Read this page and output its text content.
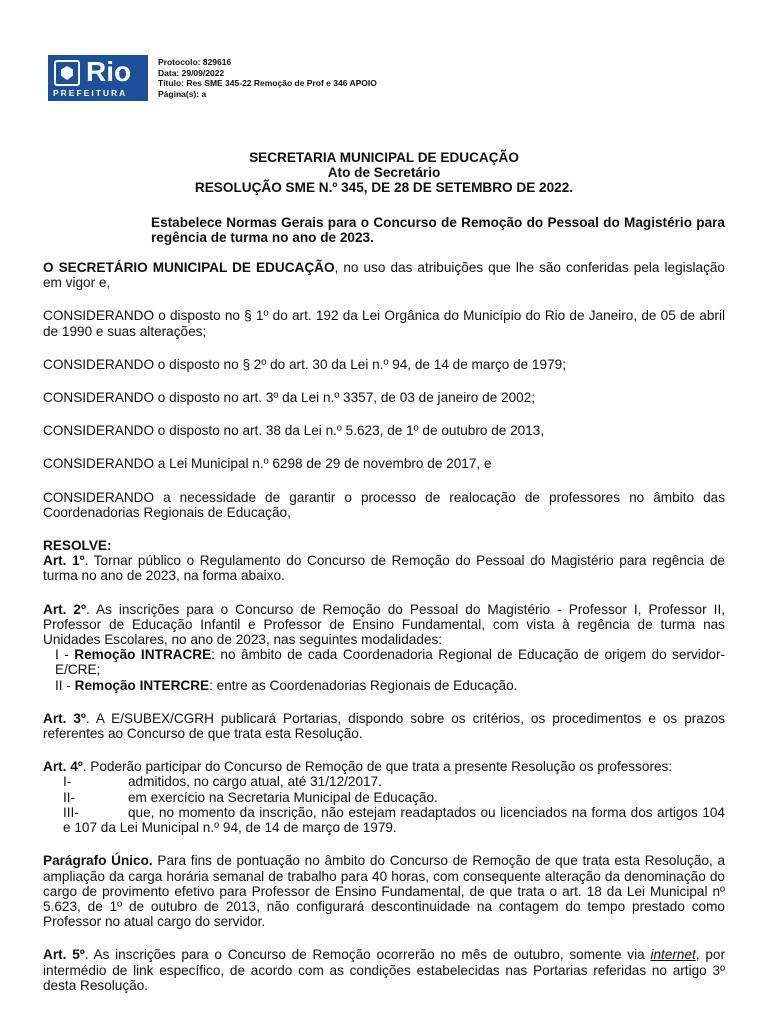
Rio
PREFEITURA
Protocolo: 829616
Data: 29/09/2022
Título: Res SME 345-22 Remoção de Prof e 346 APOIO
Página(s): a
SECRETARIA MUNICIPAL DE EDUCAÇÃO
Ato de Secretário
RESOLUÇÃO SME N.º 345, DE 28 DE SETEMBRO DE 2022.
Estabelece Normas Gerais para o Concurso de Remoção do Pessoal do Magistério para regência de turma no ano de 2023.

O SECRETÁRIO MUNICIPAL DE EDUCAÇÃO, no uso das atribuições que lhe são conferidas pela legislação em vigor e,

CONSIDERANDO o disposto no § 1º do art. 192 da Lei Orgânica do Município do Rio de Janeiro, de 05 de abril de 1990 e suas alterações;

CONSIDERANDO o disposto no § 2º do art. 30 da Lei n.º 94, de 14 de março de 1979;

CONSIDERANDO o disposto no art. 3º da Lei n.º 3357, de 03 de janeiro de 2002;

CONSIDERANDO o disposto no art. 38 da Lei n.º 5.623, de 1º de outubro de 2013,

CONSIDERANDO a Lei Municipal n.º 6298 de 29 de novembro de 2017, e

CONSIDERANDO a necessidade de garantir o processo de realocação de professores no âmbito das Coordenadorias Regionais de Educação,

RESOLVE:

Art. 1º. Tornar público o Regulamento do Concurso de Remoção do Pessoal do Magistério para regência de turma no ano de 2023, na forma abaixo.

Art. 2º. As inscrições para o Concurso de Remoção do Pessoal do Magistério - Professor I, Professor II, Professor de Educação Infantil e Professor de Ensino Fundamental, com vista à regência de turma nas Unidades Escolares, no ano de 2023, nas seguintes modalidades:

I - Remoção INTRACRE: no âmbito de cada Coordenadoria Regional de Educação de origem do servidor- E/CRE;

II - Remoção INTERCRE: entre as Coordenadorias Regionais de Educação.

Art. 3º. A E/SUBEX/CGRH publicará Portarias, dispondo sobre os critérios, os procedimentos e os prazos referentes ao Concurso de que trata esta Resolução.

Art. 4º. Poderão participar do Concurso de Remoção de que trata a presente Resolução os professores:

I-	admitidos, no cargo atual, até 31/12/2017.

II-	em exercício na Secretaria Municipal de Educação.

III-	que, no momento da inscrição, não estejam readaptados ou licenciados na forma dos artigos 104 e 107 da Lei Municipal n.º 94, de 14 de março de 1979.

Parágrafo Único. Para fins de pontuação no âmbito do Concurso de Remoção de que trata esta Resolução, a ampliação da carga horária semanal de trabalho para 40 horas, com consequente alteração da denominação do cargo de provimento efetivo para Professor de Ensino Fundamental, de que trata o art. 18 da Lei Municipal nº 5.623, de 1º de outubro de 2013, não configurará descontinuidade na contagem do tempo prestado como Professor no atual cargo do servidor.

Art. 5º. As inscrições para o Concurso de Remoção ocorrerão no mês de outubro, somente via internet, por intermédio de link específico, de acordo com as condições estabelecidas nas Portarias referidas no artigo 3º desta Resolução.
